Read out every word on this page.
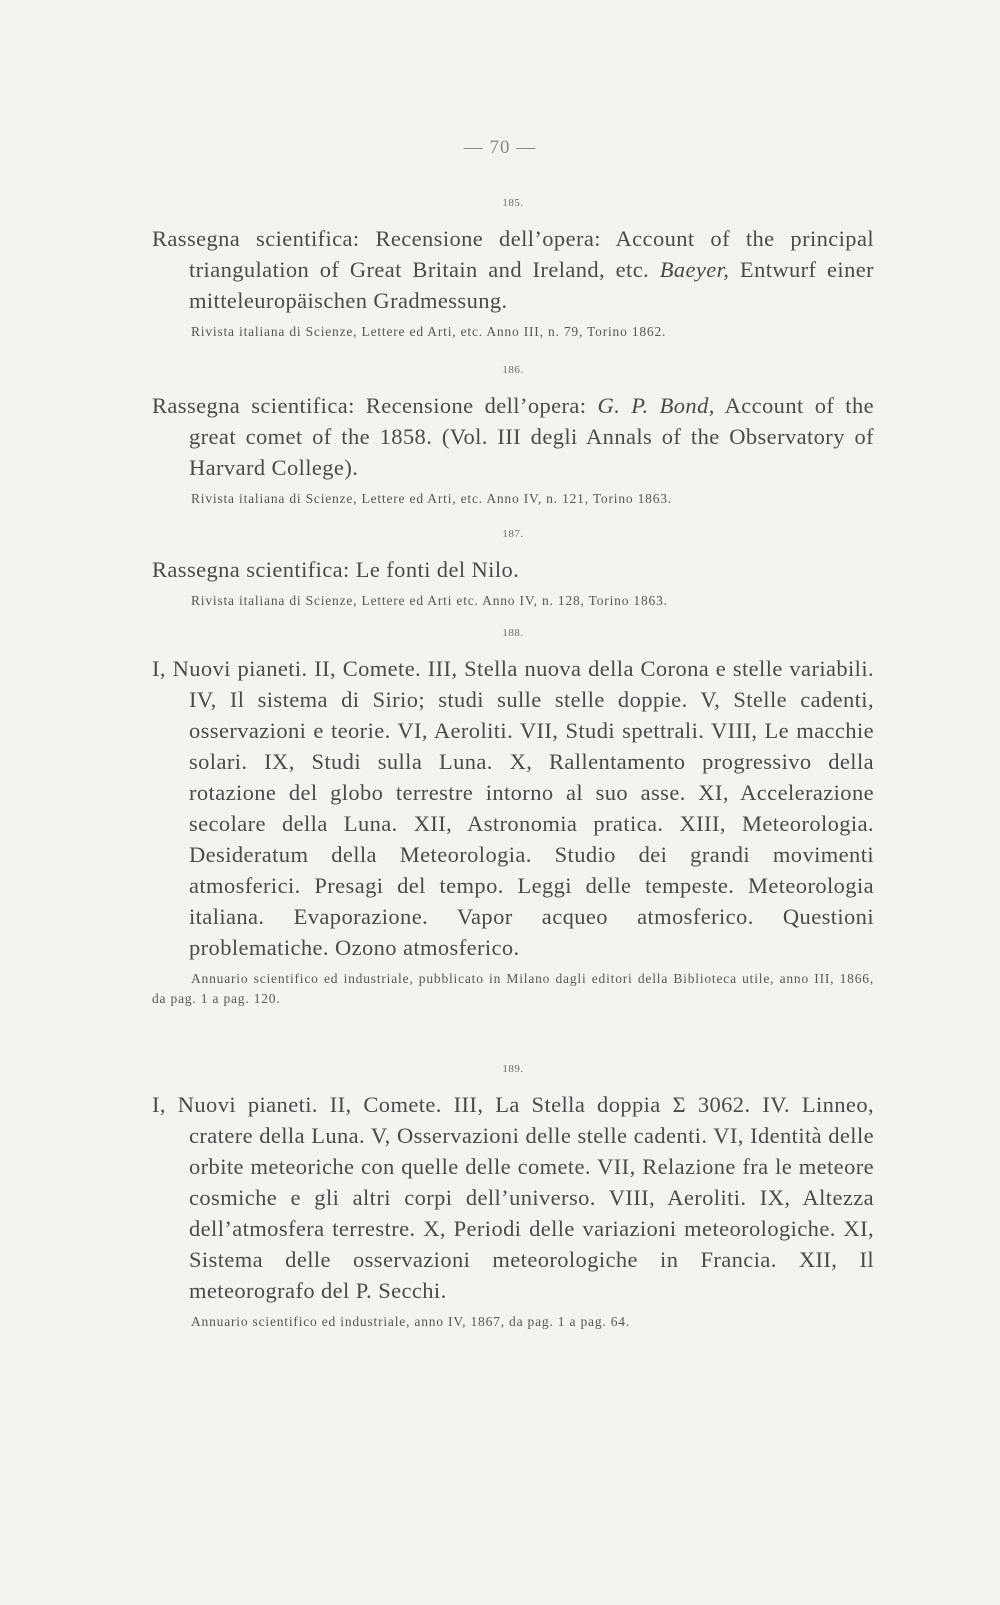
— 70 —
185.

Rassegna scientifica: Recensione dell’opera: Account of the principal triangulation of Great Britain and Ireland, etc. Baeyer, Entwurf einer mitteleuropäischen Gradmessung.

Rivista italiana di Scienze, Lettere ed Arti, etc. Anno III, n. 79, Torino 1862.

186.

Rassegna scientifica: Recensione dell’opera: G. P. Bond, Account of the great comet of the 1858. (Vol. III degli Annals of the Observatory of Harvard College).

Rivista italiana di Scienze, Lettere ed Arti, etc. Anno IV, n. 121, Torino 1863.

187.

Rassegna scientifica: Le fonti del Nilo.

Rivista italiana di Scienze, Lettere ed Arti etc. Anno IV, n. 128, Torino 1863.

188.

I, Nuovi pianeti. II, Comete. III, Stella nuova della Corona e stelle variabili. IV, Il sistema di Sirio; studi sulle stelle doppie. V, Stelle cadenti, osservazioni e teorie. VI, Aeroliti. VII, Studi spettrali. VIII, Le macchie solari. IX, Studi sulla Luna. X, Rallentamento progressivo della rotazione del globo terrestre intorno al suo asse. XI, Accelerazione secolare della Luna. XII, Astronomia pratica. XIII, Meteorologia. Desideratum della Meteorologia. Studio dei grandi movimenti atmosferici. Presagi del tempo. Leggi delle tempeste. Meteorologia italiana. Evaporazione. Vapor acqueo atmosferico. Questioni problematiche. Ozono atmosferico.

Annuario scientifico ed industriale, pubblicato in Milano dagli editori della Biblioteca utile, anno III, 1866, da pag. 1 a pag. 120.

189.

I, Nuovi pianeti. II, Comete. III, La Stella doppia Σ 3062. IV. Linneo, cratere della Luna. V, Osservazioni delle stelle cadenti. VI, Identità delle orbite meteoriche con quelle delle comete. VII, Relazione fra le meteore cosmiche e gli altri corpi dell’universo. VIII, Aeroliti. IX, Altezza dell’atmosfera terrestre. X, Periodi delle variazioni meteorologiche. XI, Sistema delle osservazioni meteorologiche in Francia. XII, Il meteorografo del P. Secchi.

Annuario scientifico ed industriale, anno IV, 1867, da pag. 1 a pag. 64.
